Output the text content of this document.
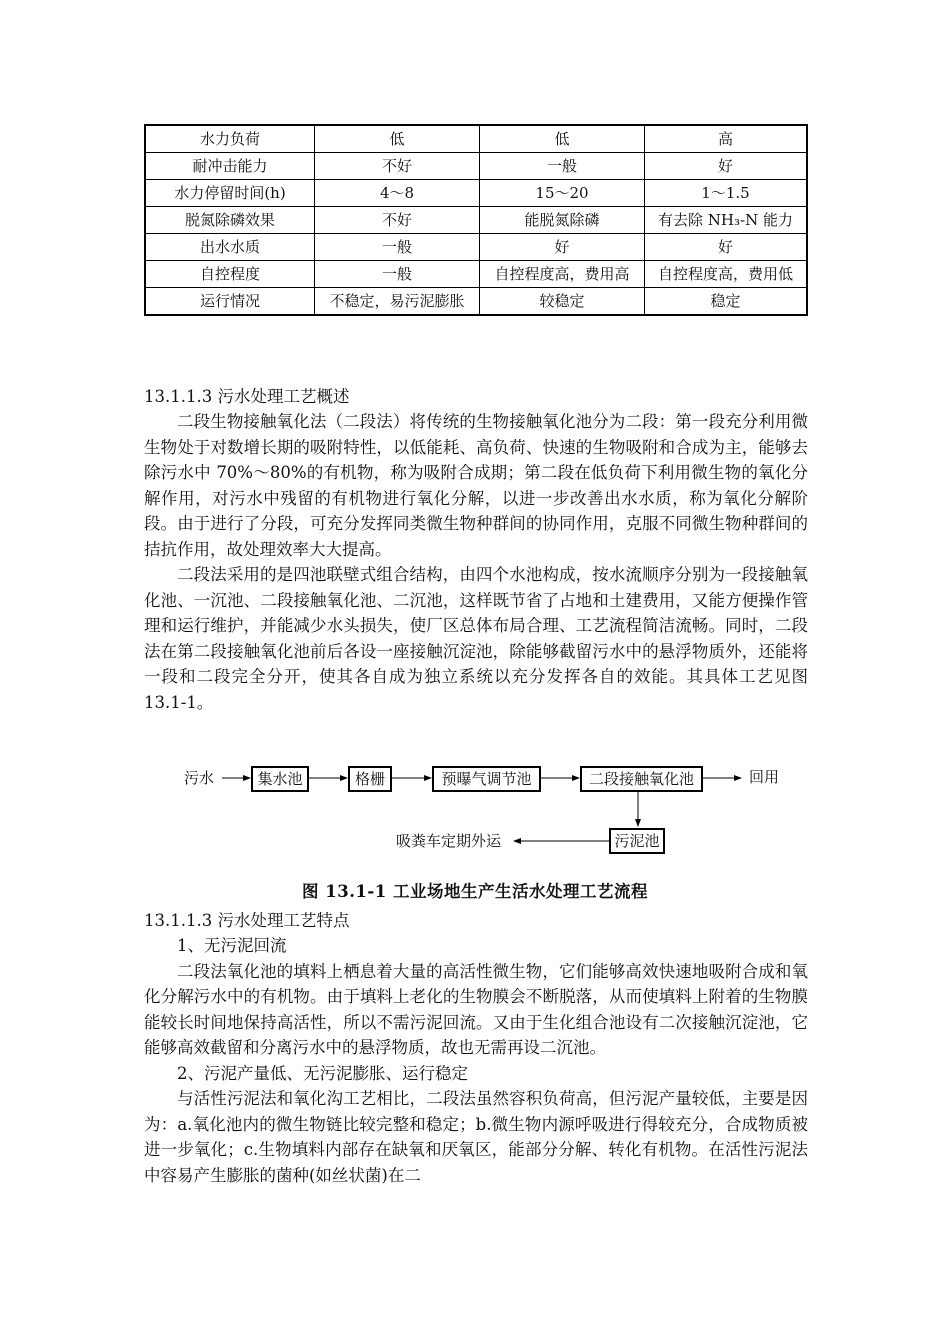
水力负荷	低	低	高
耐冲击能力	不好	一般	好
水力停留时间(h)	4～8	15～20	1～1.5
脱氮除磷效果	不好	能脱氮除磷	有去除 NH₃-N 能力
出水水质	一般	好	好
自控程度	一般	自控程度高，费用高	自控程度高，费用低
运行情况	不稳定，易污泥膨胀	较稳定	稳定

13.1.1.3 污水处理工艺概述

二段生物接触氧化法（二段法）将传统的生物接触氧化池分为二段：第一段充分利用微生物处于对数增长期的吸附特性，以低能耗、高负荷、快速的生物吸附和合成为主，能够去除污水中 70%～80%的有机物，称为吸附合成期；第二段在低负荷下利用微生物的氧化分解作用，对污水中残留的有机物进行氧化分解，以进一步改善出水水质，称为氧化分解阶段。由于进行了分段，可充分发挥同类微生物种群间的协同作用，克服不同微生物种群间的拮抗作用，故处理效率大大提高。

二段法采用的是四池联壁式组合结构，由四个水池构成，按水流顺序分别为一段接触氧化池、一沉池、二段接触氧化池、二沉池，这样既节省了占地和土建费用，又能方便操作管理和运行维护，并能减少水头损失，使厂区总体布局合理、工艺流程简洁流畅。同时，二段法在第二段接触氧化池前后各设一座接触沉淀池，除能够截留污水中的悬浮物质外，还能将一段和二段完全分开，使其各自成为独立系统以充分发挥各自的效能。其具体工艺见图 13.1-1。

污水	集水池	格栅	预曝气调节池	二段接触氧化池	回用
污泥池
吸粪车定期外运

图 13.1-1 工业场地生产生活水处理工艺流程

13.1.1.3 污水处理工艺特点

1、无污泥回流

二段法氧化池的填料上栖息着大量的高活性微生物，它们能够高效快速地吸附合成和氧化分解污水中的有机物。由于填料上老化的生物膜会不断脱落，从而使填料上附着的生物膜能较长时间地保持高活性，所以不需污泥回流。又由于生化组合池设有二次接触沉淀池，它能够高效截留和分离污水中的悬浮物质，故也无需再设二沉池。

2、污泥产量低、无污泥膨胀、运行稳定

与活性污泥法和氧化沟工艺相比，二段法虽然容积负荷高，但污泥产量较低，主要是因为：a.氧化池内的微生物链比较完整和稳定；b.微生物内源呼吸进行得较充分，合成物质被进一步氧化；c.生物填料内部存在缺氧和厌氧区，能部分分解、转化有机物。在活性污泥法中容易产生膨胀的菌种(如丝状菌)在二
